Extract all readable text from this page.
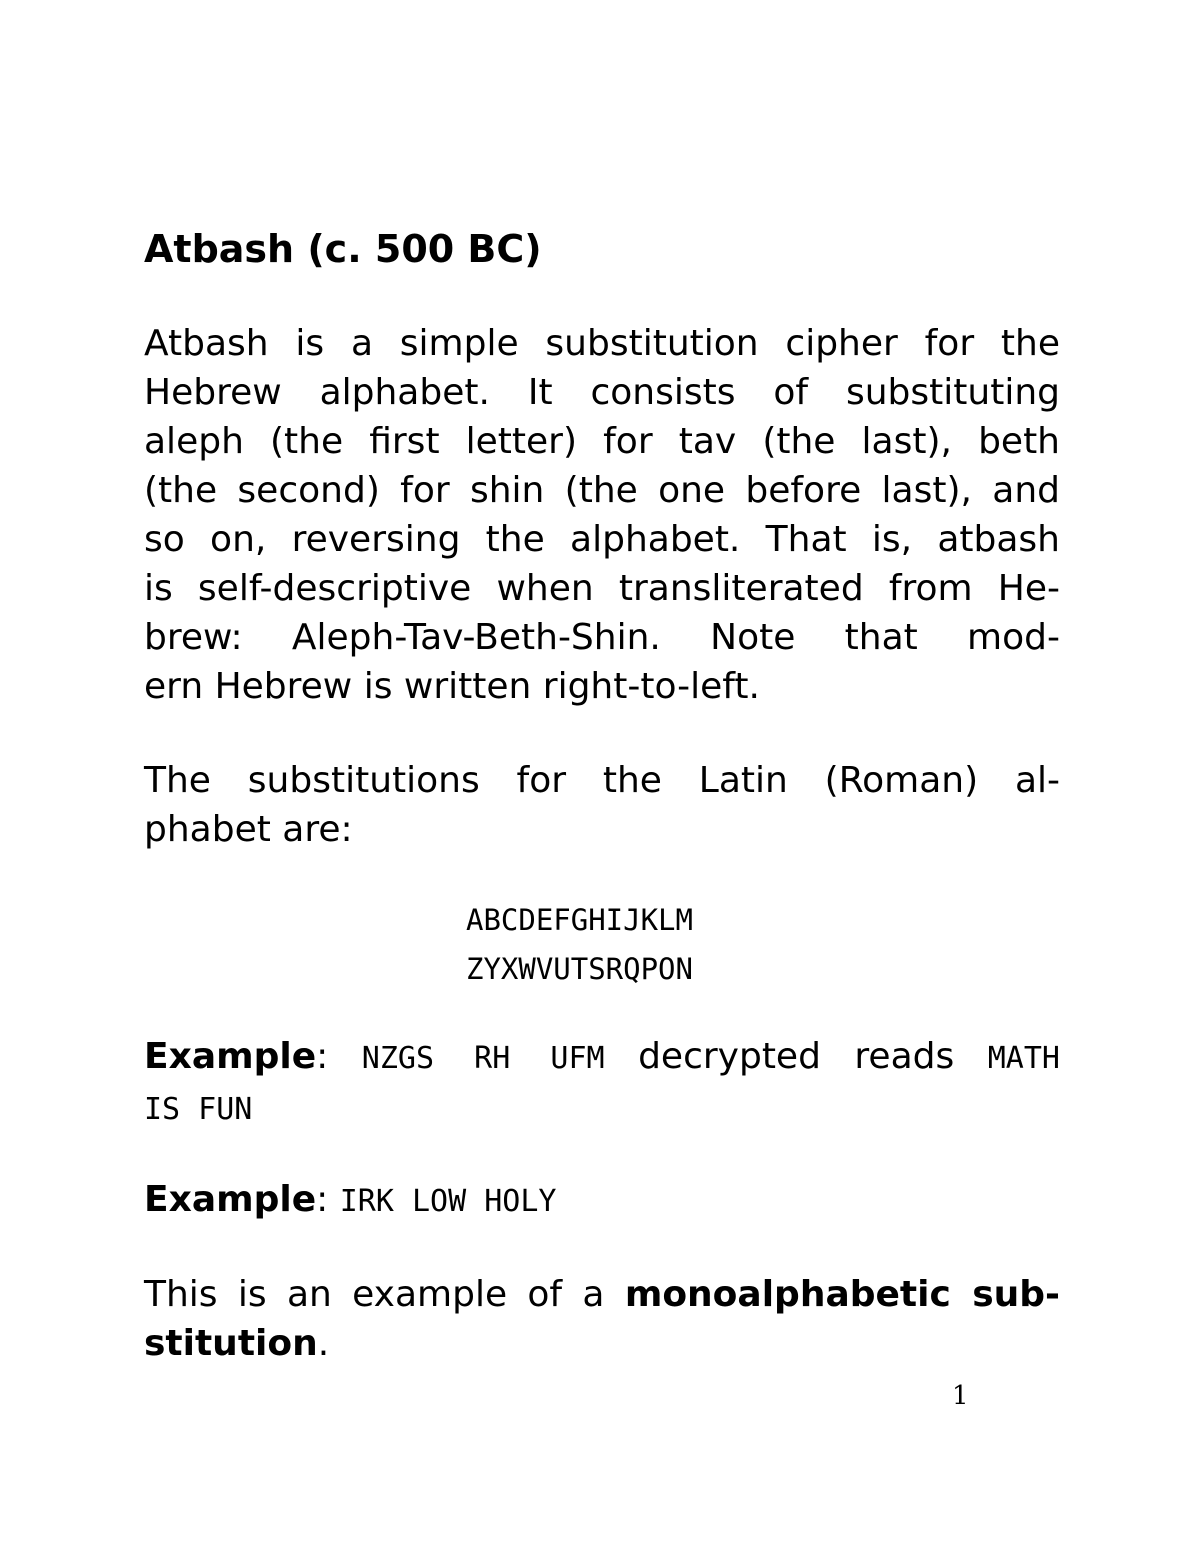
Atbash (c. 500 BC)

Atbash is a simple substitution cipher for the
Hebrew alphabet. It consists of substituting
aleph (the first letter) for tav (the last), beth
(the second) for shin (the one before last), and
so on, reversing the alphabet. That is, atbash
is self-descriptive when transliterated from He-
brew: Aleph-Tav-Beth-Shin. Note that mod-
ern Hebrew is written right-to-left.

The substitutions for the Latin (Roman) al-
phabet are:

ABCDEFGHIJKLM
ZYXWVUTSRQPON

Example: NZGS RH UFM decrypted reads MATH
IS FUN

Example: IRK LOW HOLY

This is an example of a monoalphabetic sub-
stitution.

1
